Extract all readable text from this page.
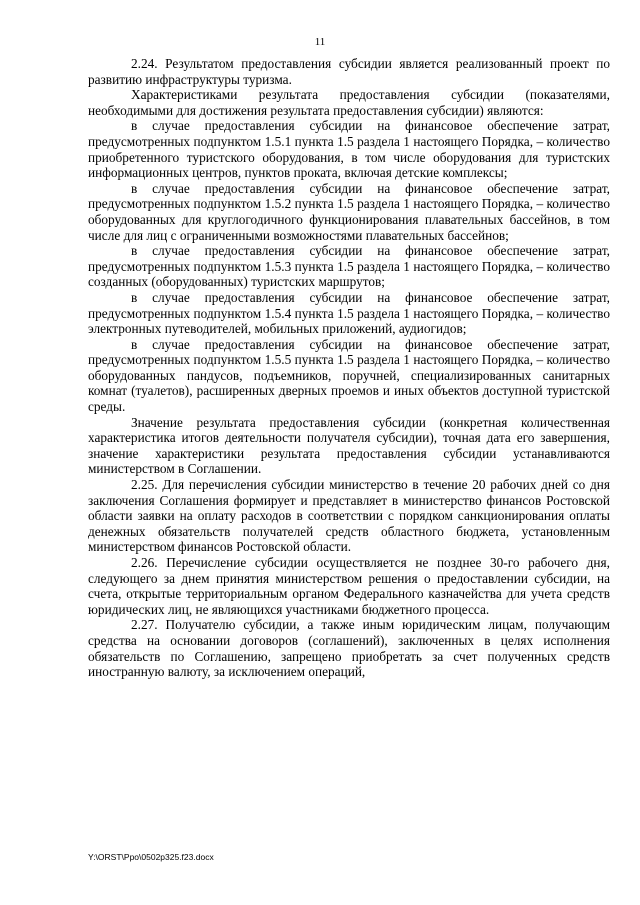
11

2.24. Результатом предоставления субсидии является реализованный проект по развитию инфраструктуры туризма.

Характеристиками результата предоставления субсидии (показателями, необходимыми для достижения результата предоставления субсидии) являются:

в случае предоставления субсидии на финансовое обеспечение затрат, предусмотренных подпунктом 1.5.1 пункта 1.5 раздела 1 настоящего Порядка, – количество приобретенного туристского оборудования, в том числе оборудования для туристских информационных центров, пунктов проката, включая детские комплексы;

в случае предоставления субсидии на финансовое обеспечение затрат, предусмотренных подпунктом 1.5.2 пункта 1.5 раздела 1 настоящего Порядка, – количество оборудованных для круглогодичного функционирования плавательных бассейнов, в том числе для лиц с ограниченными возможностями плавательных бассейнов;

в случае предоставления субсидии на финансовое обеспечение затрат, предусмотренных подпунктом 1.5.3 пункта 1.5 раздела 1 настоящего Порядка, – количество созданных (оборудованных) туристских маршрутов;

в случае предоставления субсидии на финансовое обеспечение затрат, предусмотренных подпунктом 1.5.4 пункта 1.5 раздела 1 настоящего Порядка, – количество электронных путеводителей, мобильных приложений, аудиогидов;

в случае предоставления субсидии на финансовое обеспечение затрат, предусмотренных подпунктом 1.5.5 пункта 1.5 раздела 1 настоящего Порядка, – количество оборудованных пандусов, подъемников, поручней, специализированных санитарных комнат (туалетов), расширенных дверных проемов и иных объектов доступной туристской среды.

Значение результата предоставления субсидии (конкретная количественная характеристика итогов деятельности получателя субсидии), точная дата его завершения, значение характеристики результата предоставления субсидии устанавливаются министерством в Соглашении.

2.25. Для перечисления субсидии министерство в течение 20 рабочих дней со дня заключения Соглашения формирует и представляет в министерство финансов Ростовской области заявки на оплату расходов в соответствии с порядком санкционирования оплаты денежных обязательств получателей средств областного бюджета, установленным министерством финансов Ростовской области.

2.26. Перечисление субсидии осуществляется не позднее 30-го рабочего дня, следующего за днем принятия министерством решения о предоставлении субсидии, на счета, открытые территориальным органом Федерального казначейства для учета средств юридических лиц, не являющихся участниками бюджетного процесса.

2.27. Получателю субсидии, а также иным юридическим лицам, получающим средства на основании договоров (соглашений), заключенных в целях исполнения обязательств по Соглашению, запрещено приобретать за счет полученных средств иностранную валюту, за исключением операций,

Y:\ORST\Ppo\0502p325.f23.docx
